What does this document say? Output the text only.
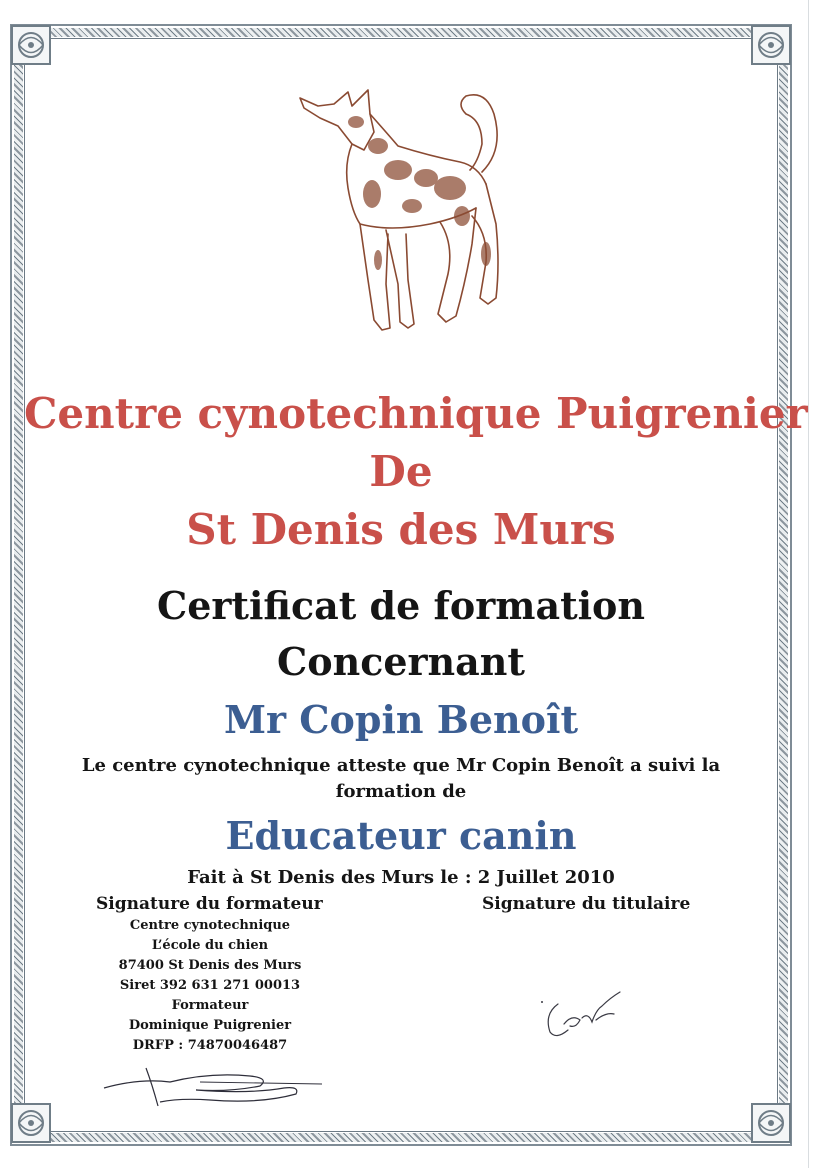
Centre cynotechnique Puigrenier

De

St Denis des Murs

Certificat de formation

Concernant

Mr Copin Benoît

Le centre cynotechnique atteste que Mr Copin Benoît a suivi la

formation de

Educateur canin

Fait à St Denis des Murs le : 2 Juillet 2010

Signature du formateur	Signature du titulaire

Centre cynotechnique

L’école du chien

87400 St Denis des Murs

Siret 392 631 271 00013

Formateur

Dominique Puigrenier

DRFP : 74870046487
